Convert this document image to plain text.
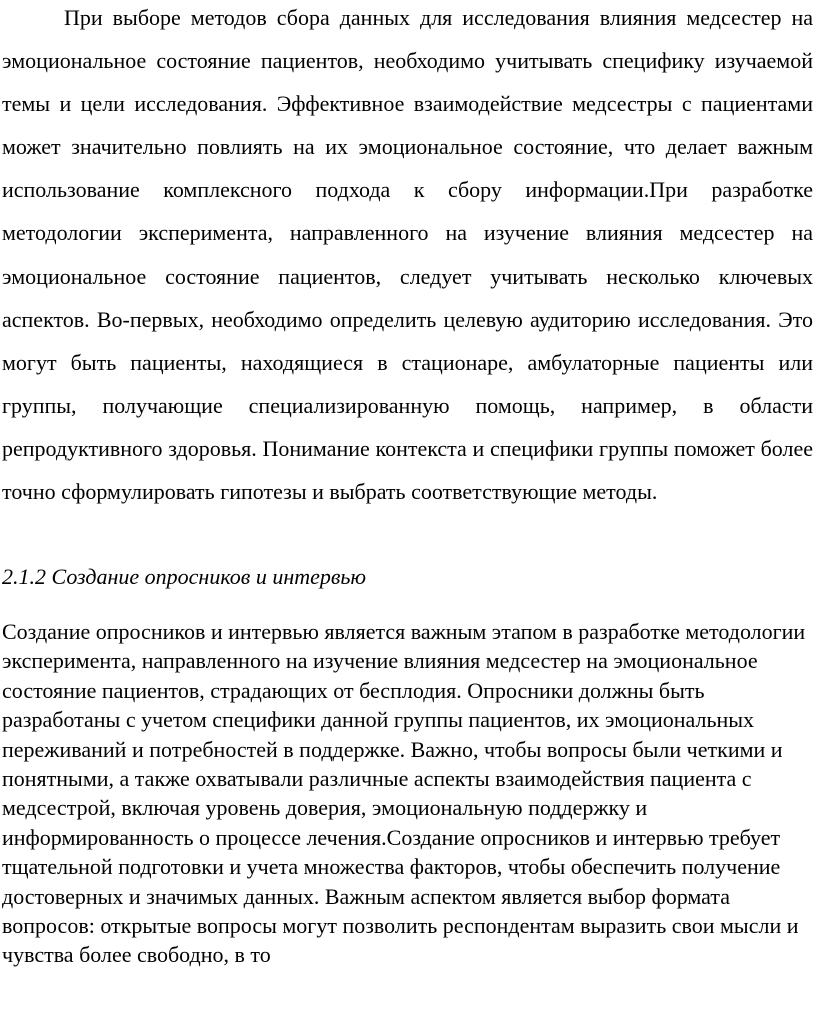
При выборе методов сбора данных для исследования влияния медсестер на эмоциональное состояние пациентов, необходимо учитывать специфику изучаемой темы и цели исследования. Эффективное взаимодействие медсестры с пациентами может значительно повлиять на их эмоциональное состояние, что делает важным использование комплексного подхода к сбору информации.При разработке методологии эксперимента, направленного на изучение влияния медсестер на эмоциональное состояние пациентов, следует учитывать несколько ключевых аспектов. Во-первых, необходимо определить целевую аудиторию исследования. Это могут быть пациенты, находящиеся в стационаре, амбулаторные пациенты или группы, получающие специализированную помощь, например, в области репродуктивного здоровья. Понимание контекста и специфики группы поможет более точно сформулировать гипотезы и выбрать соответствующие методы.

2.1.2 Создание опросников и интервью

Создание опросников и интервью является важным этапом в разработке методологии эксперимента, направленного на изучение влияния медсестер на эмоциональное состояние пациентов, страдающих от бесплодия. Опросники должны быть разработаны с учетом специфики данной группы пациентов, их эмоциональных переживаний и потребностей в поддержке. Важно, чтобы вопросы были четкими и понятными, а также охватывали различные аспекты взаимодействия пациента с медсестрой, включая уровень доверия, эмоциональную поддержку и информированность о процессе лечения.Создание опросников и интервью требует тщательной подготовки и учета множества факторов, чтобы обеспечить получение достоверных и значимых данных. Важным аспектом является выбор формата вопросов: открытые вопросы могут позволить респондентам выразить свои мысли и чувства более свободно, в то
